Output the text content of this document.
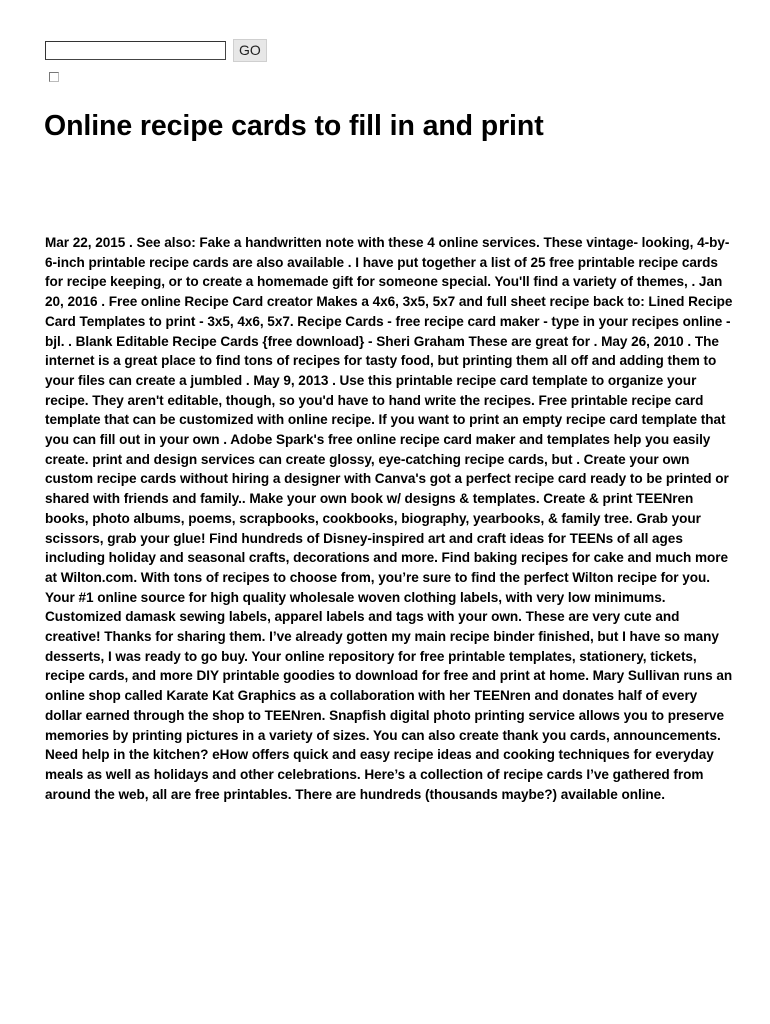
GO
Online recipe cards to fill in and print

Mar 22, 2015 . See also: Fake a handwritten note with these 4 online services. These vintage- looking, 4-by-6-inch printable recipe cards are also available . I have put together a list of 25 free printable recipe cards for recipe keeping, or to create a homemade gift for someone special. You'll find a variety of themes, . Jan 20, 2016 . Free online Recipe Card creator Makes a 4x6, 3x5, 5x7 and full sheet recipe back to: Lined Recipe Card Templates to print - 3x5, 4x6, 5x7. Recipe Cards - free recipe card maker - type in your recipes online - bjl. . Blank Editable Recipe Cards {free download} - Sheri Graham These are great for . May 26, 2010 . The internet is a great place to find tons of recipes for tasty food, but printing them all off and adding them to your files can create a jumbled . May 9, 2013 . Use this printable recipe card template to organize your recipe. They aren't editable, though, so you'd have to hand write the recipes. Free printable recipe card template that can be customized with online recipe. If you want to print an empty recipe card template that you can fill out in your own . Adobe Spark's free online recipe card maker and templates help you easily create. print and design services can create glossy, eye-catching recipe cards, but . Create your own custom recipe cards without hiring a designer with Canva's got a perfect recipe card ready to be printed or shared with friends and family.. Make your own book w/ designs & templates. Create & print TEENren books, photo albums, poems, scrapbooks, cookbooks, biography, yearbooks, & family tree. Grab your scissors, grab your glue! Find hundreds of Disney-inspired art and craft ideas for TEENs of all ages including holiday and seasonal crafts, decorations and more. Find baking recipes for cake and much more at Wilton.com. With tons of recipes to choose from, you’re sure to find the perfect Wilton recipe for you. Your #1 online source for high quality wholesale woven clothing labels, with very low minimums. Customized damask sewing labels, apparel labels and tags with your own. These are very cute and creative! Thanks for sharing them. I’ve already gotten my main recipe binder finished, but I have so many desserts, I was ready to go buy. Your online repository for free printable templates, stationery, tickets, recipe cards, and more DIY printable goodies to download for free and print at home. Mary Sullivan runs an online shop called Karate Kat Graphics as a collaboration with her TEENren and donates half of every dollar earned through the shop to TEENren. Snapfish digital photo printing service allows you to preserve memories by printing pictures in a variety of sizes. You can also create thank you cards, announcements. Need help in the kitchen? eHow offers quick and easy recipe ideas and cooking techniques for everyday meals as well as holidays and other celebrations. Here’s a collection of recipe cards I’ve gathered from around the web, all are free printables. There are hundreds (thousands maybe?) available online.
